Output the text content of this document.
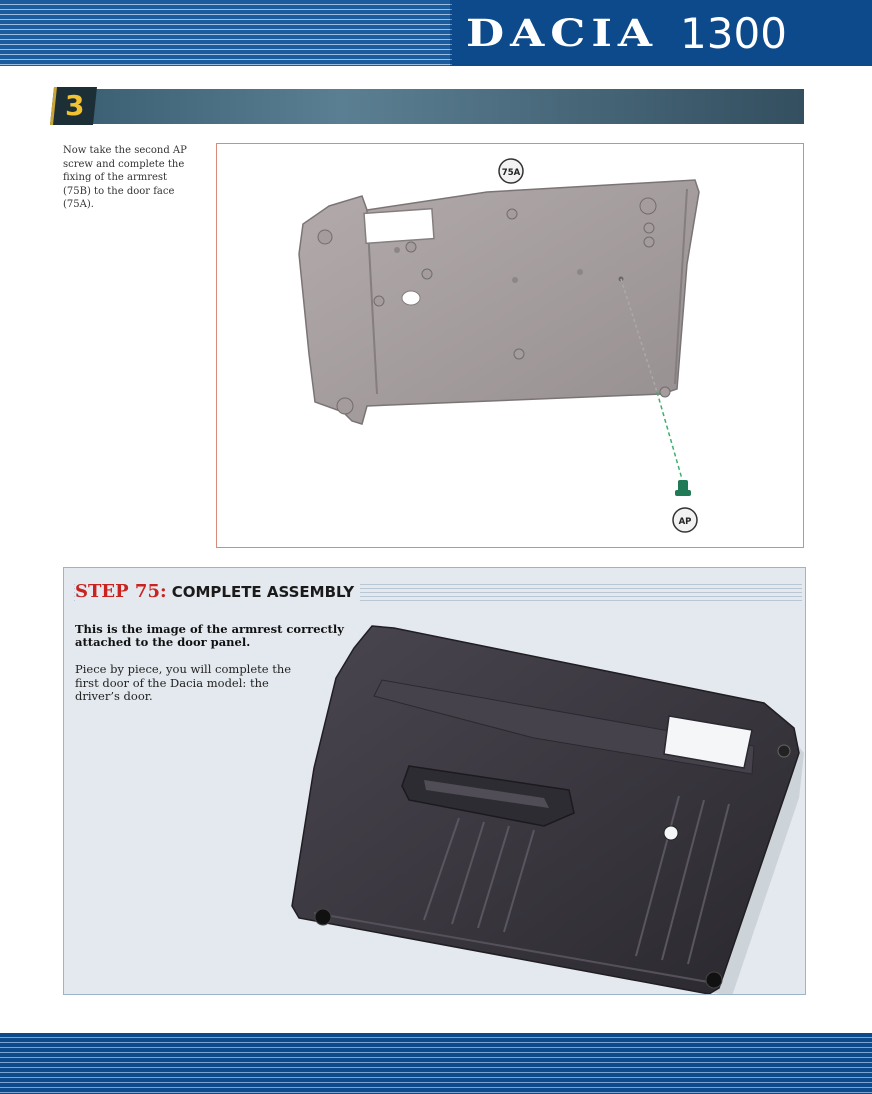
DACIA 1300
3
Now take the second AP screw and complete the fixing of the armrest (75B) to the door face (75A).
75A
AP
STEP 75: COMPLETE ASSEMBLY
This is the image of the armrest correctly attached to the door panel.
Piece by piece, you will complete the first door of the Dacia model: the driver’s door.
